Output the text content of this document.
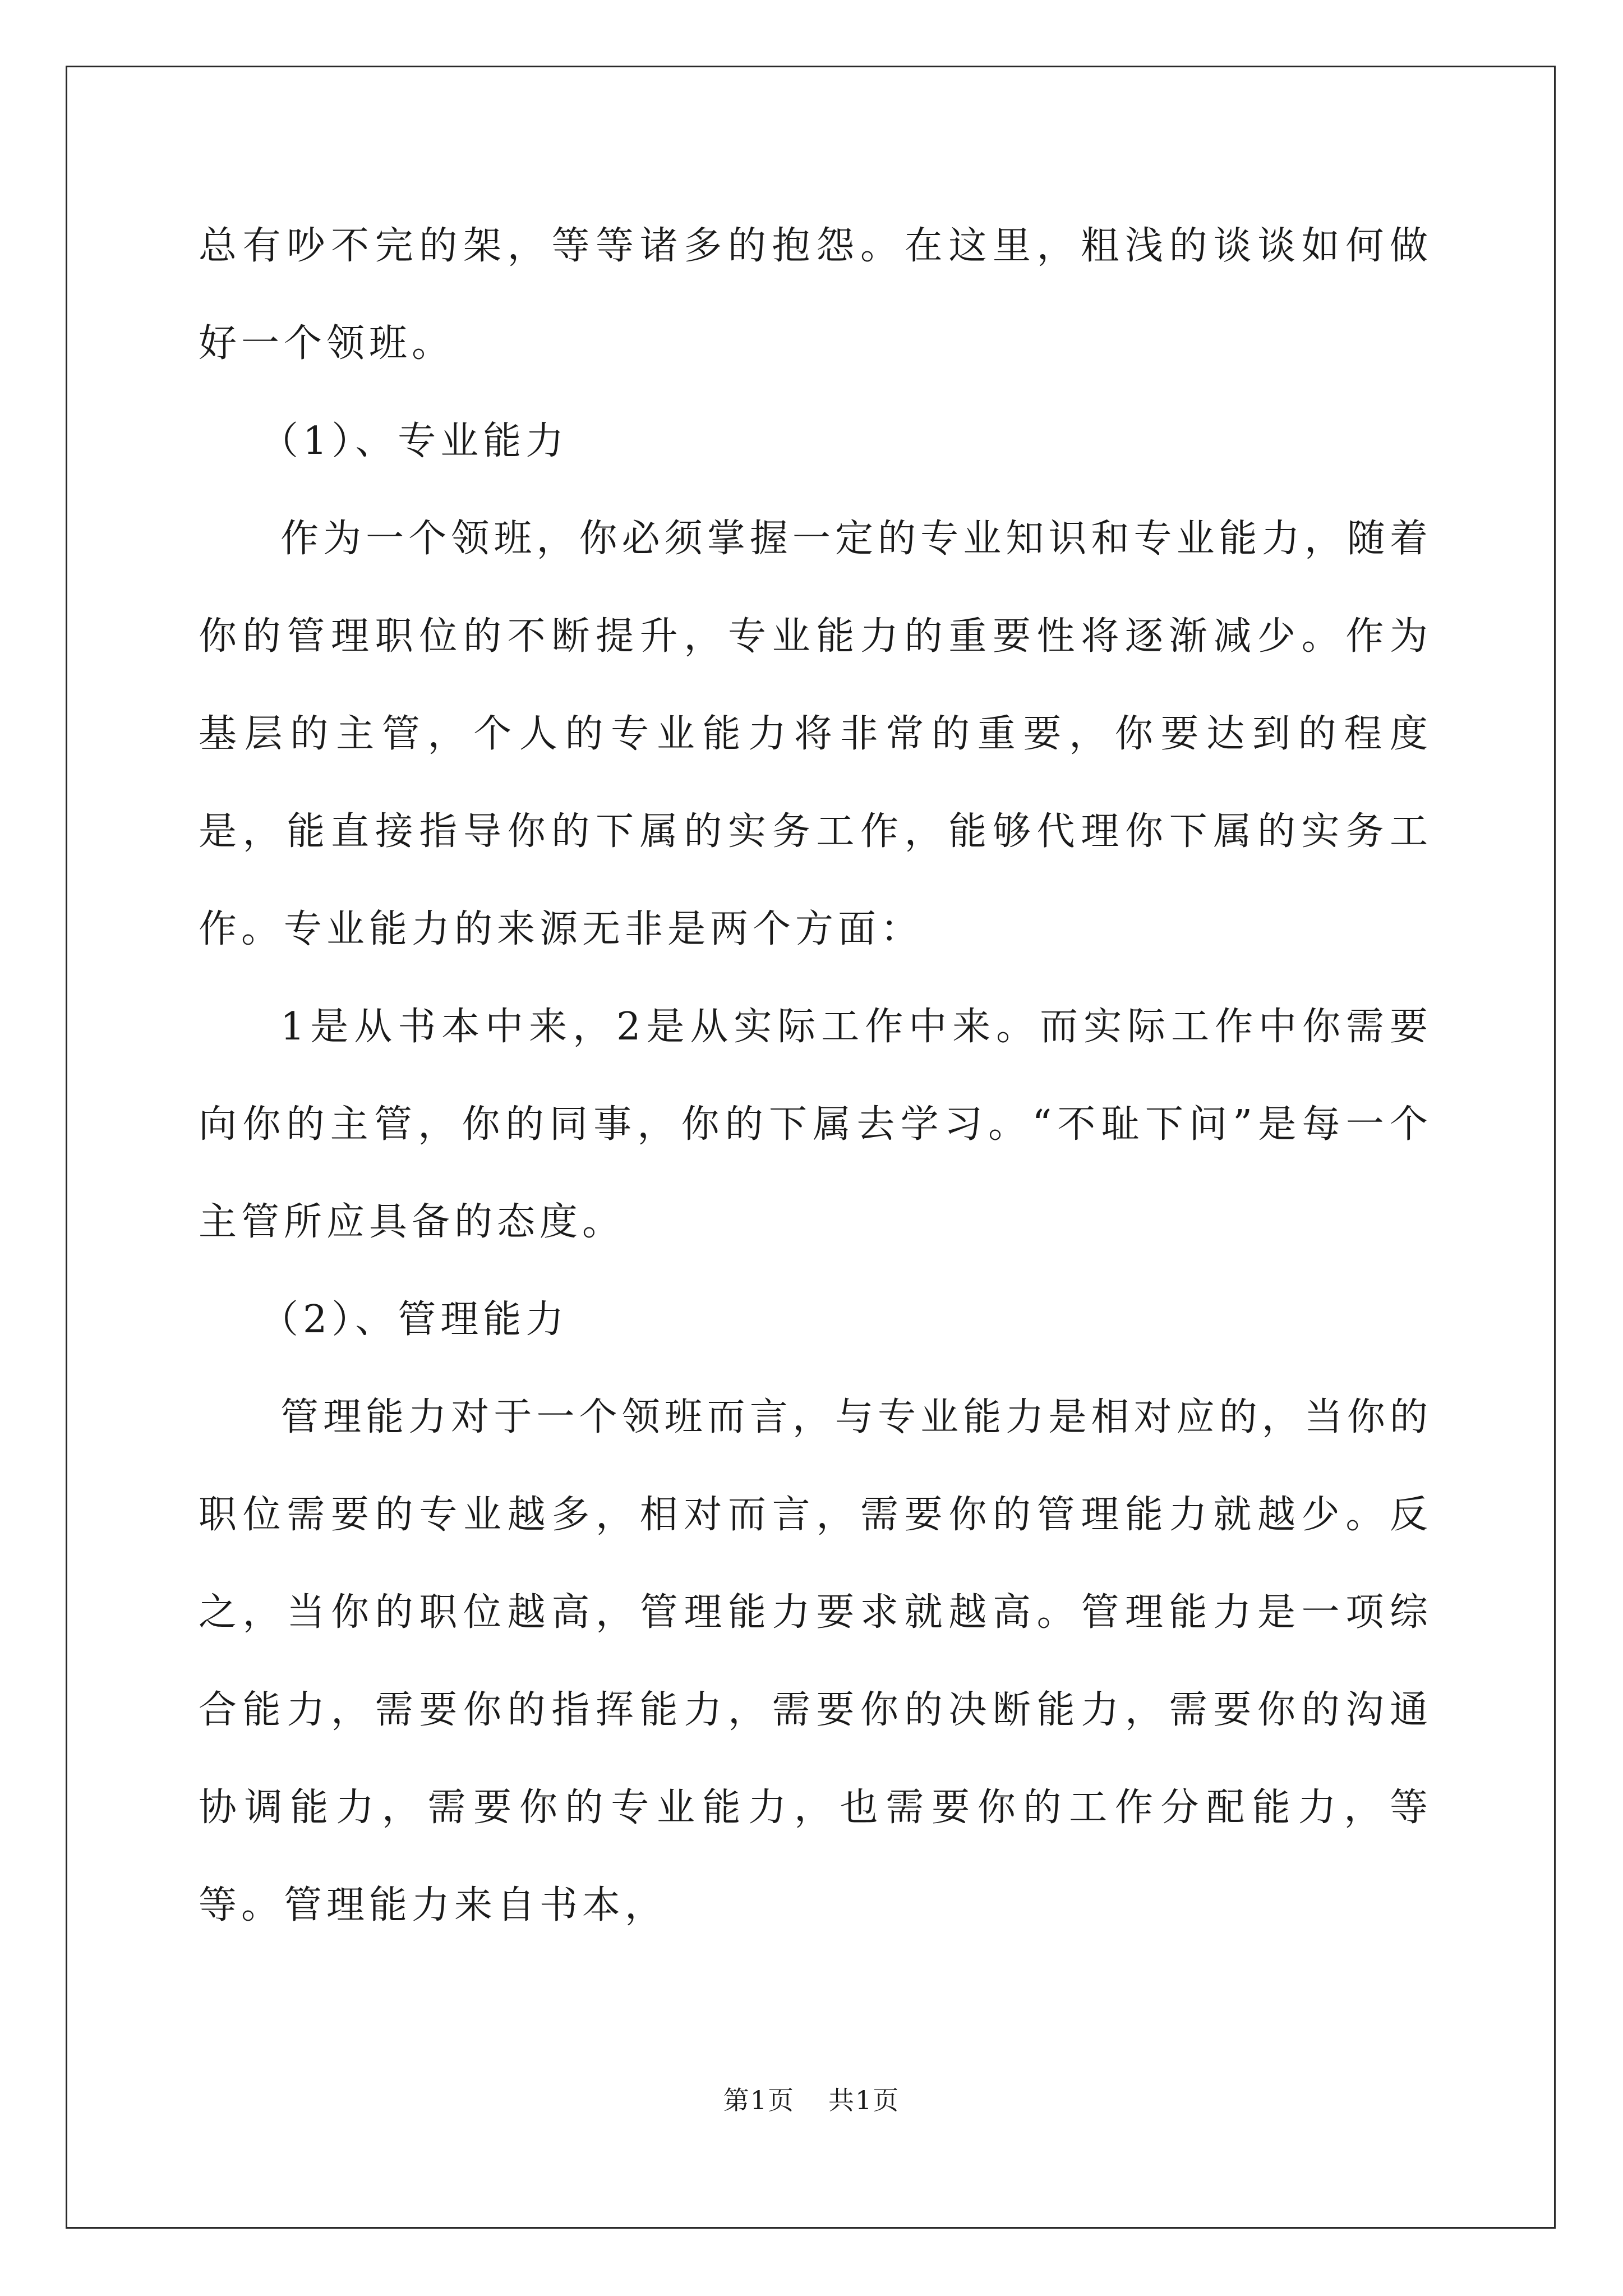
总有吵不完的架，等等诸多的抱怨。在这里，粗浅的谈谈如何做好一个领班。

（1）、专业能力

作为一个领班，你必须掌握一定的专业知识和专业能力，随着你的管理职位的不断提升，专业能力的重要性将逐渐减少。作为基层的主管，个人的专业能力将非常的重要，你要达到的程度是，能直接指导你的下属的实务工作，能够代理你下属的实务工作。专业能力的来源无非是两个方面：

1是从书本中来，2是从实际工作中来。而实际工作中你需要向你的主管，你的同事，你的下属去学习。“不耻下问”是每一个主管所应具备的态度。

（2）、管理能力

管理能力对于一个领班而言，与专业能力是相对应的，当你的职位需要的专业越多，相对而言，需要你的管理能力就越少。反之，当你的职位越高，管理能力要求就越高。管理能力是一项综合能力，需要你的指挥能力，需要你的决断能力，需要你的沟通协调能力，需要你的专业能力，也需要你的工作分配能力，等等。管理能力来自书本，

第1页 共1页
